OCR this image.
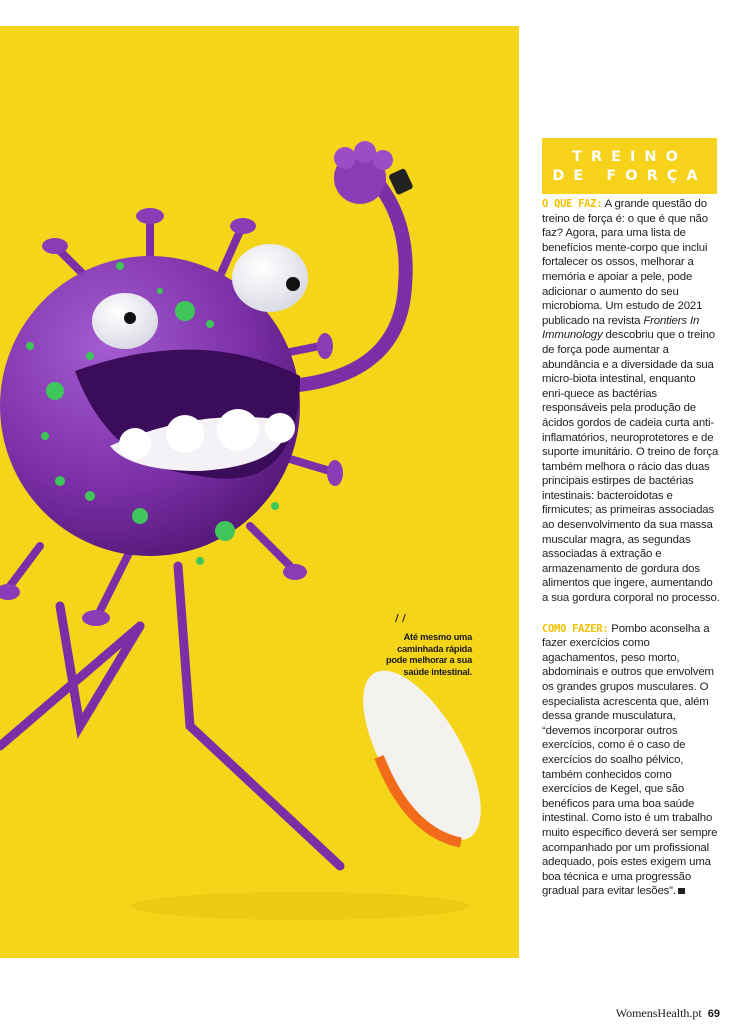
/ /
Até mesmo uma caminhada rápida pode melhorar a sua saúde intestinal.
TREINO
DE FORÇA

O QUE FAZ: A grande questão do treino de força é: o que é que não faz? Agora, para uma lista de benefícios mente-corpo que inclui fortalecer os ossos, melhorar a memória e apoiar a pele, pode adicionar o aumento do seu microbioma. Um estudo de 2021 publicado na revista Frontiers In Immunology descobriu que o treino de força pode aumentar a abundância e a diversidade da sua micro-biota intestinal, enquanto enri-quece as bactérias responsáveis pela produção de ácidos gordos de cadeia curta anti-inflamatórios, neuroprotetores e de suporte imunitário. O treino de força também melhora o rácio das duas principais estirpes de bactérias intestinais: bacteroidotas e firmicutes; as primeiras associadas ao desenvolvimento da sua massa muscular magra, as segundas associadas à extração e armazenamento de gordura dos alimentos que ingere, aumentando a sua gordura corporal no processo.

COMO FAZER: Pombo aconselha a fazer exercícios como agachamentos, peso morto, abdominais e outros que envolvem os grandes grupos musculares. O especialista acrescenta que, além dessa grande musculatura, “devemos incorporar outros exercícios, como é o caso de exercícios do soalho pélvico, também conhecidos como exercícios de Kegel, que são benéficos para uma boa saúde intestinal. Como isto é um trabalho muito específico deverá ser sempre acompanhado por um profissional adequado, pois estes exigem uma boa técnica e uma progressão gradual para evitar lesões”.

WomensHealth.pt 69
